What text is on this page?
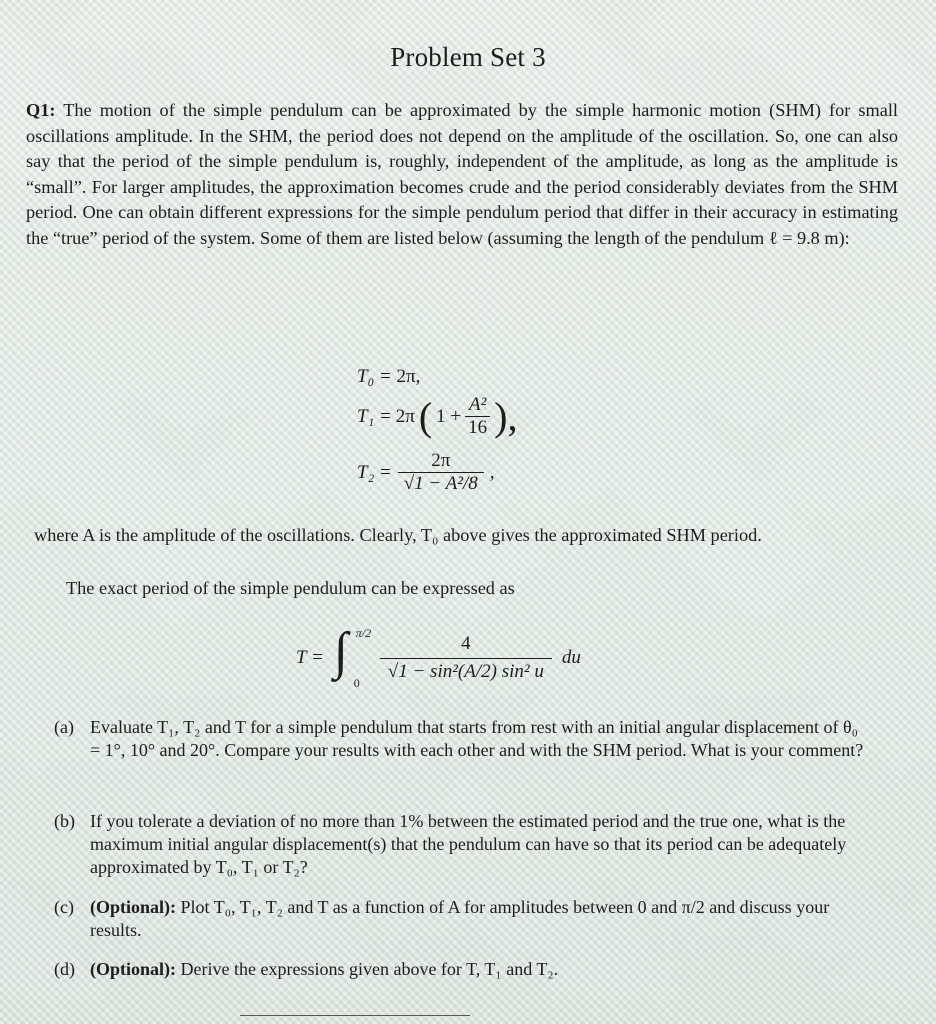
Problem Set 3
Q1: The motion of the simple pendulum can be approximated by the simple harmonic motion (SHM) for small oscillations amplitude. In the SHM, the period does not depend on the amplitude of the oscillation. So, one can also say that the period of the simple pendulum is, roughly, independent of the amplitude, as long as the amplitude is “small”. For larger amplitudes, the approximation becomes crude and the period considerably deviates from the SHM period. One can obtain different expressions for the simple pendulum period that differ in their accuracy in estimating the “true” period of the system. Some of them are listed below (assuming the length of the pendulum ℓ = 9.8 m):
T₀ = 2π,
T₁ = 2π ( $1 + \frac{\text{A²}}{16}$ ),
$T_2 = \frac{2\pi}{\text{√1 − A²/8}}$ ,
where A is the amplitude of the oscillations. Clearly, T₀ above gives the approximated SHM period.
The exact period of the simple pendulum can be expressed as
T = ∫ π/2
$0 \frac{4}{\text{√1 − sin²(A/2) sin² u}}$ du
(a) Evaluate T₁, T₂ and T for a simple pendulum that starts from rest with an initial angular displacement of θ₀ = 1°, 10° and 20°. Compare your results with each other and with the SHM period. What is your comment?
(b) If you tolerate a deviation of no more than 1% between the estimated period and the true one, what is the maximum initial angular displacement(s) that the pendulum can have so that its period can be adequately approximated by T₀, T₁ or T₂?
(c) (Optional): Plot T₀, T₁, T₂ and T as a function of A for amplitudes between 0 and π/2 and discuss your results.
(d) (Optional): Derive the expressions given above for T, T₁ and T₂.
